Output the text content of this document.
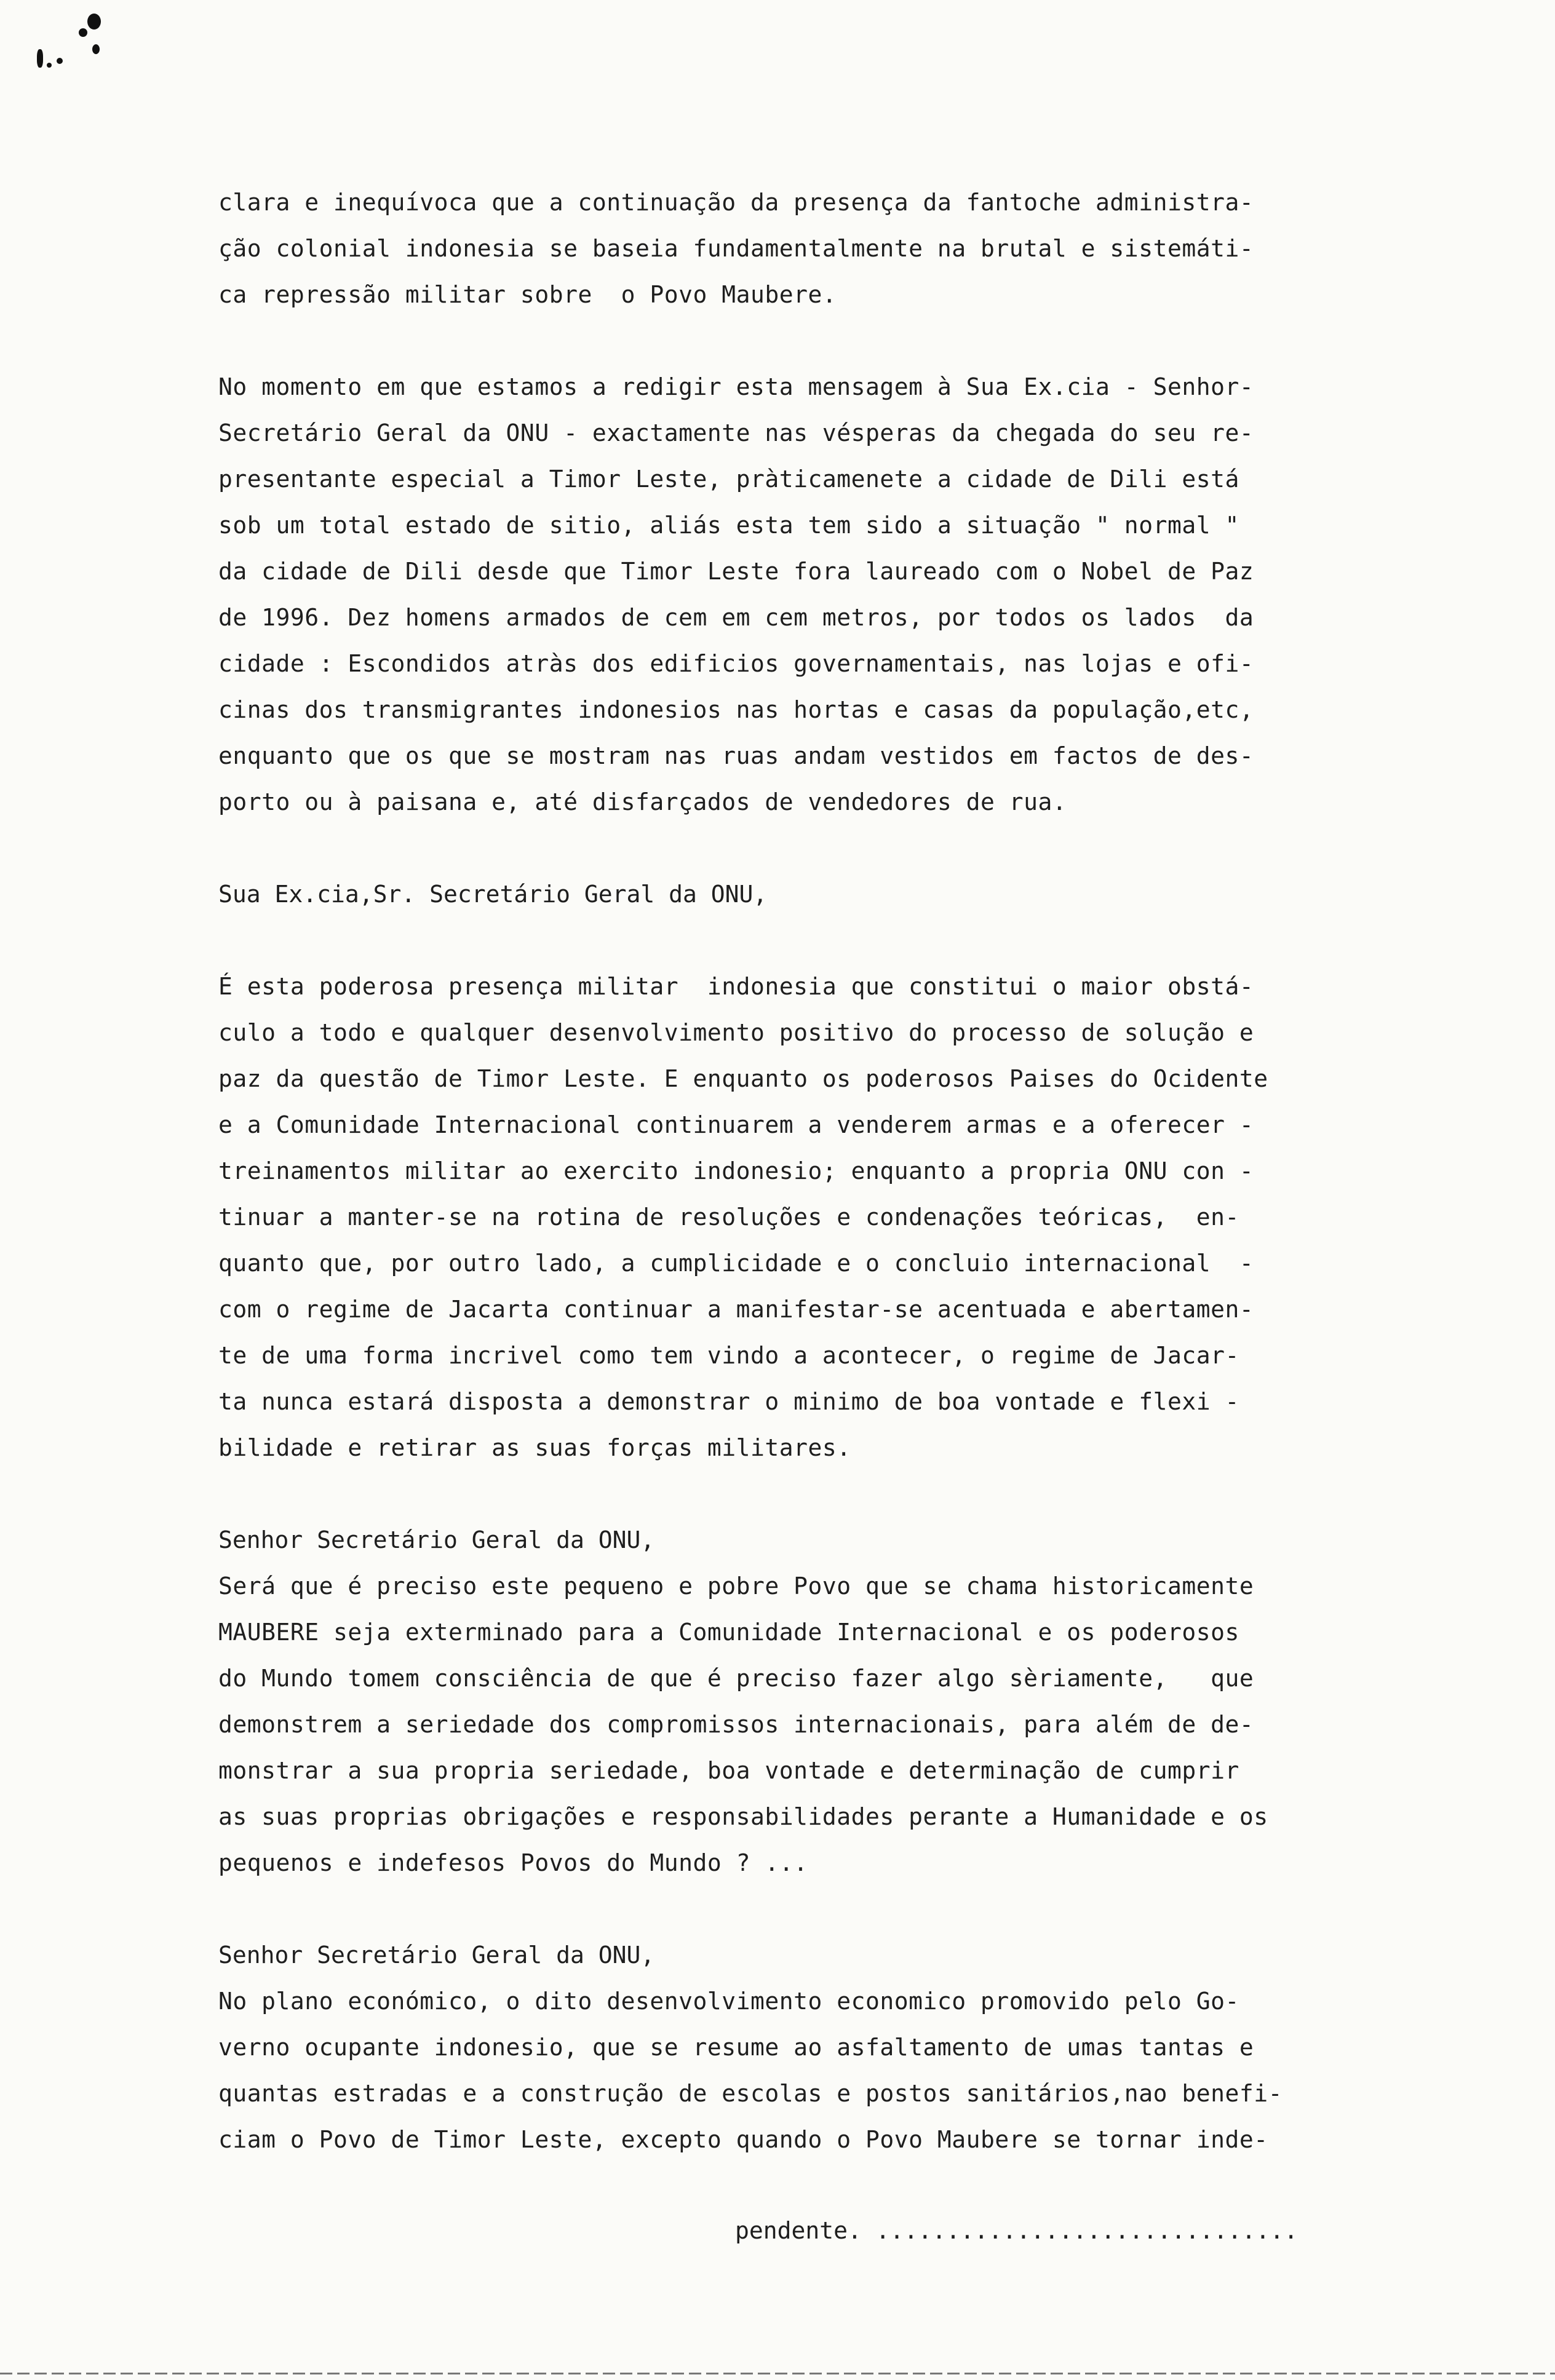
clara e inequívoca que a continuação da presença da fantoche administra-
ção colonial indonesia se baseia fundamentalmente na brutal e sistemáti-
ca repressão militar sobre  o Povo Maubere.
No momento em que estamos a redigir esta mensagem à Sua Ex.cia - Senhor-
Secretário Geral da ONU - exactamente nas vésperas da chegada do seu re-
presentante especial a Timor Leste, pràticamenete a cidade de Dili está
sob um total estado de sitio, aliás esta tem sido a situação " normal "
da cidade de Dili desde que Timor Leste fora laureado com o Nobel de Paz
de 1996. Dez homens armados de cem em cem metros, por todos os lados  da
cidade : Escondidos atràs dos edificios governamentais, nas lojas e ofi-
cinas dos transmigrantes indonesios nas hortas e casas da população,etc,
enquanto que os que se mostram nas ruas andam vestidos em factos de des-
porto ou à paisana e, até disfarçados de vendedores de rua.
Sua Ex.cia,Sr. Secretário Geral da ONU,
É esta poderosa presença militar  indonesia que constitui o maior obstá-
culo a todo e qualquer desenvolvimento positivo do processo de solução e
paz da questão de Timor Leste. E enquanto os poderosos Paises do Ocidente
e a Comunidade Internacional continuarem a venderem armas e a oferecer -
treinamentos militar ao exercito indonesio; enquanto a propria ONU con -
tinuar a manter-se na rotina de resoluções e condenações teóricas,  en-
quanto que, por outro lado, a cumplicidade e o concluio internacional  -
com o regime de Jacarta continuar a manifestar-se acentuada e abertamen-
te de uma forma incrivel como tem vindo a acontecer, o regime de Jacar-
ta nunca estará disposta a demonstrar o minimo de boa vontade e flexi -
bilidade e retirar as suas forças militares.
Senhor Secretário Geral da ONU,
Será que é preciso este pequeno e pobre Povo que se chama historicamente
MAUBERE seja exterminado para a Comunidade Internacional e os poderosos
do Mundo tomem consciência de que é preciso fazer algo sèriamente,   que
demonstrem a seriedade dos compromissos internacionais, para além de de-
monstrar a sua propria seriedade, boa vontade e determinação de cumprir
as suas proprias obrigações e responsabilidades perante a Humanidade e os
pequenos e indefesos Povos do Mundo ? ...
Senhor Secretário Geral da ONU,
No plano económico, o dito desenvolvimento economico promovido pelo Go-
verno ocupante indonesio, que se resume ao asfaltamento de umas tantas e
quantas estradas e a construção de escolas e postos sanitários,nao benefi-
ciam o Povo de Timor Leste, excepto quando o Povo Maubere se tornar inde-
pendente. ..............................
